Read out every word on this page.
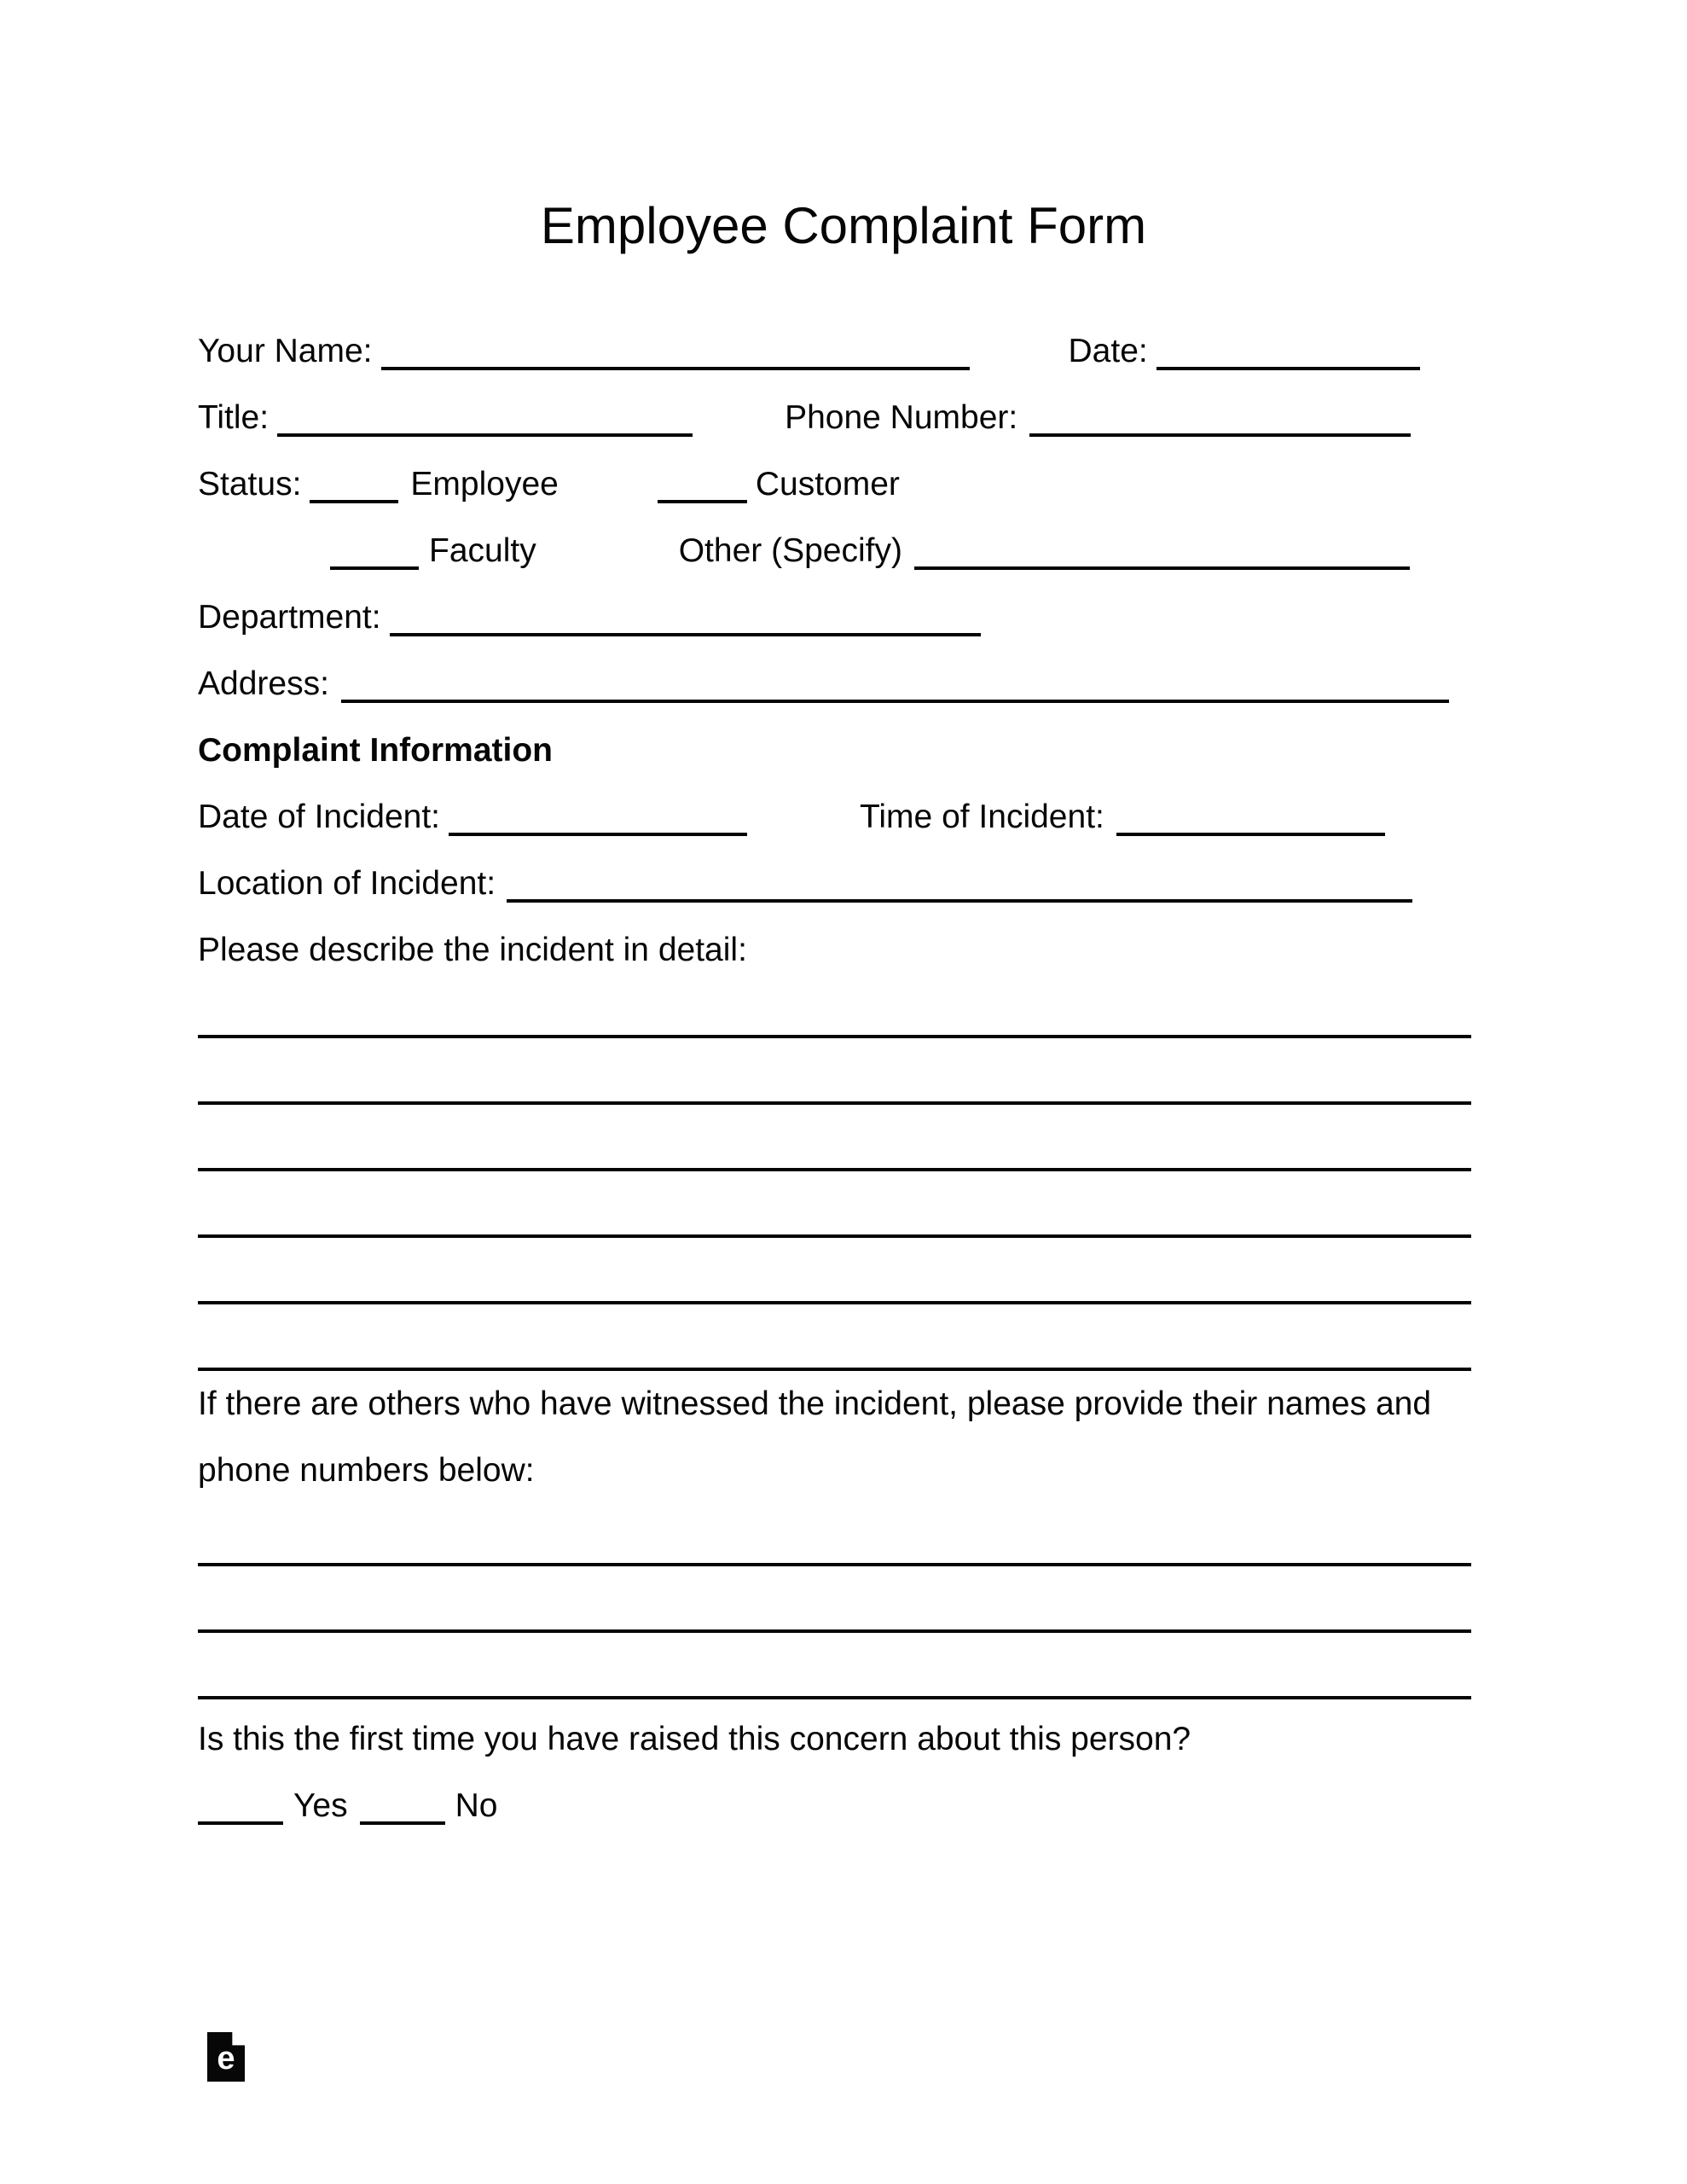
Employee Complaint Form
Your Name:	Date:
Title:	Phone Number:
Status:	Employee	Customer
Faculty	Other (Specify)
Department:
Address:
Complaint Information
Date of Incident:	Time of Incident:
Location of Incident:
Please describe the incident in detail:
If there are others who have witnessed the incident, please provide their names and phone numbers below:
Is this the first time you have raised this concern about this person?
Yes	No
e
